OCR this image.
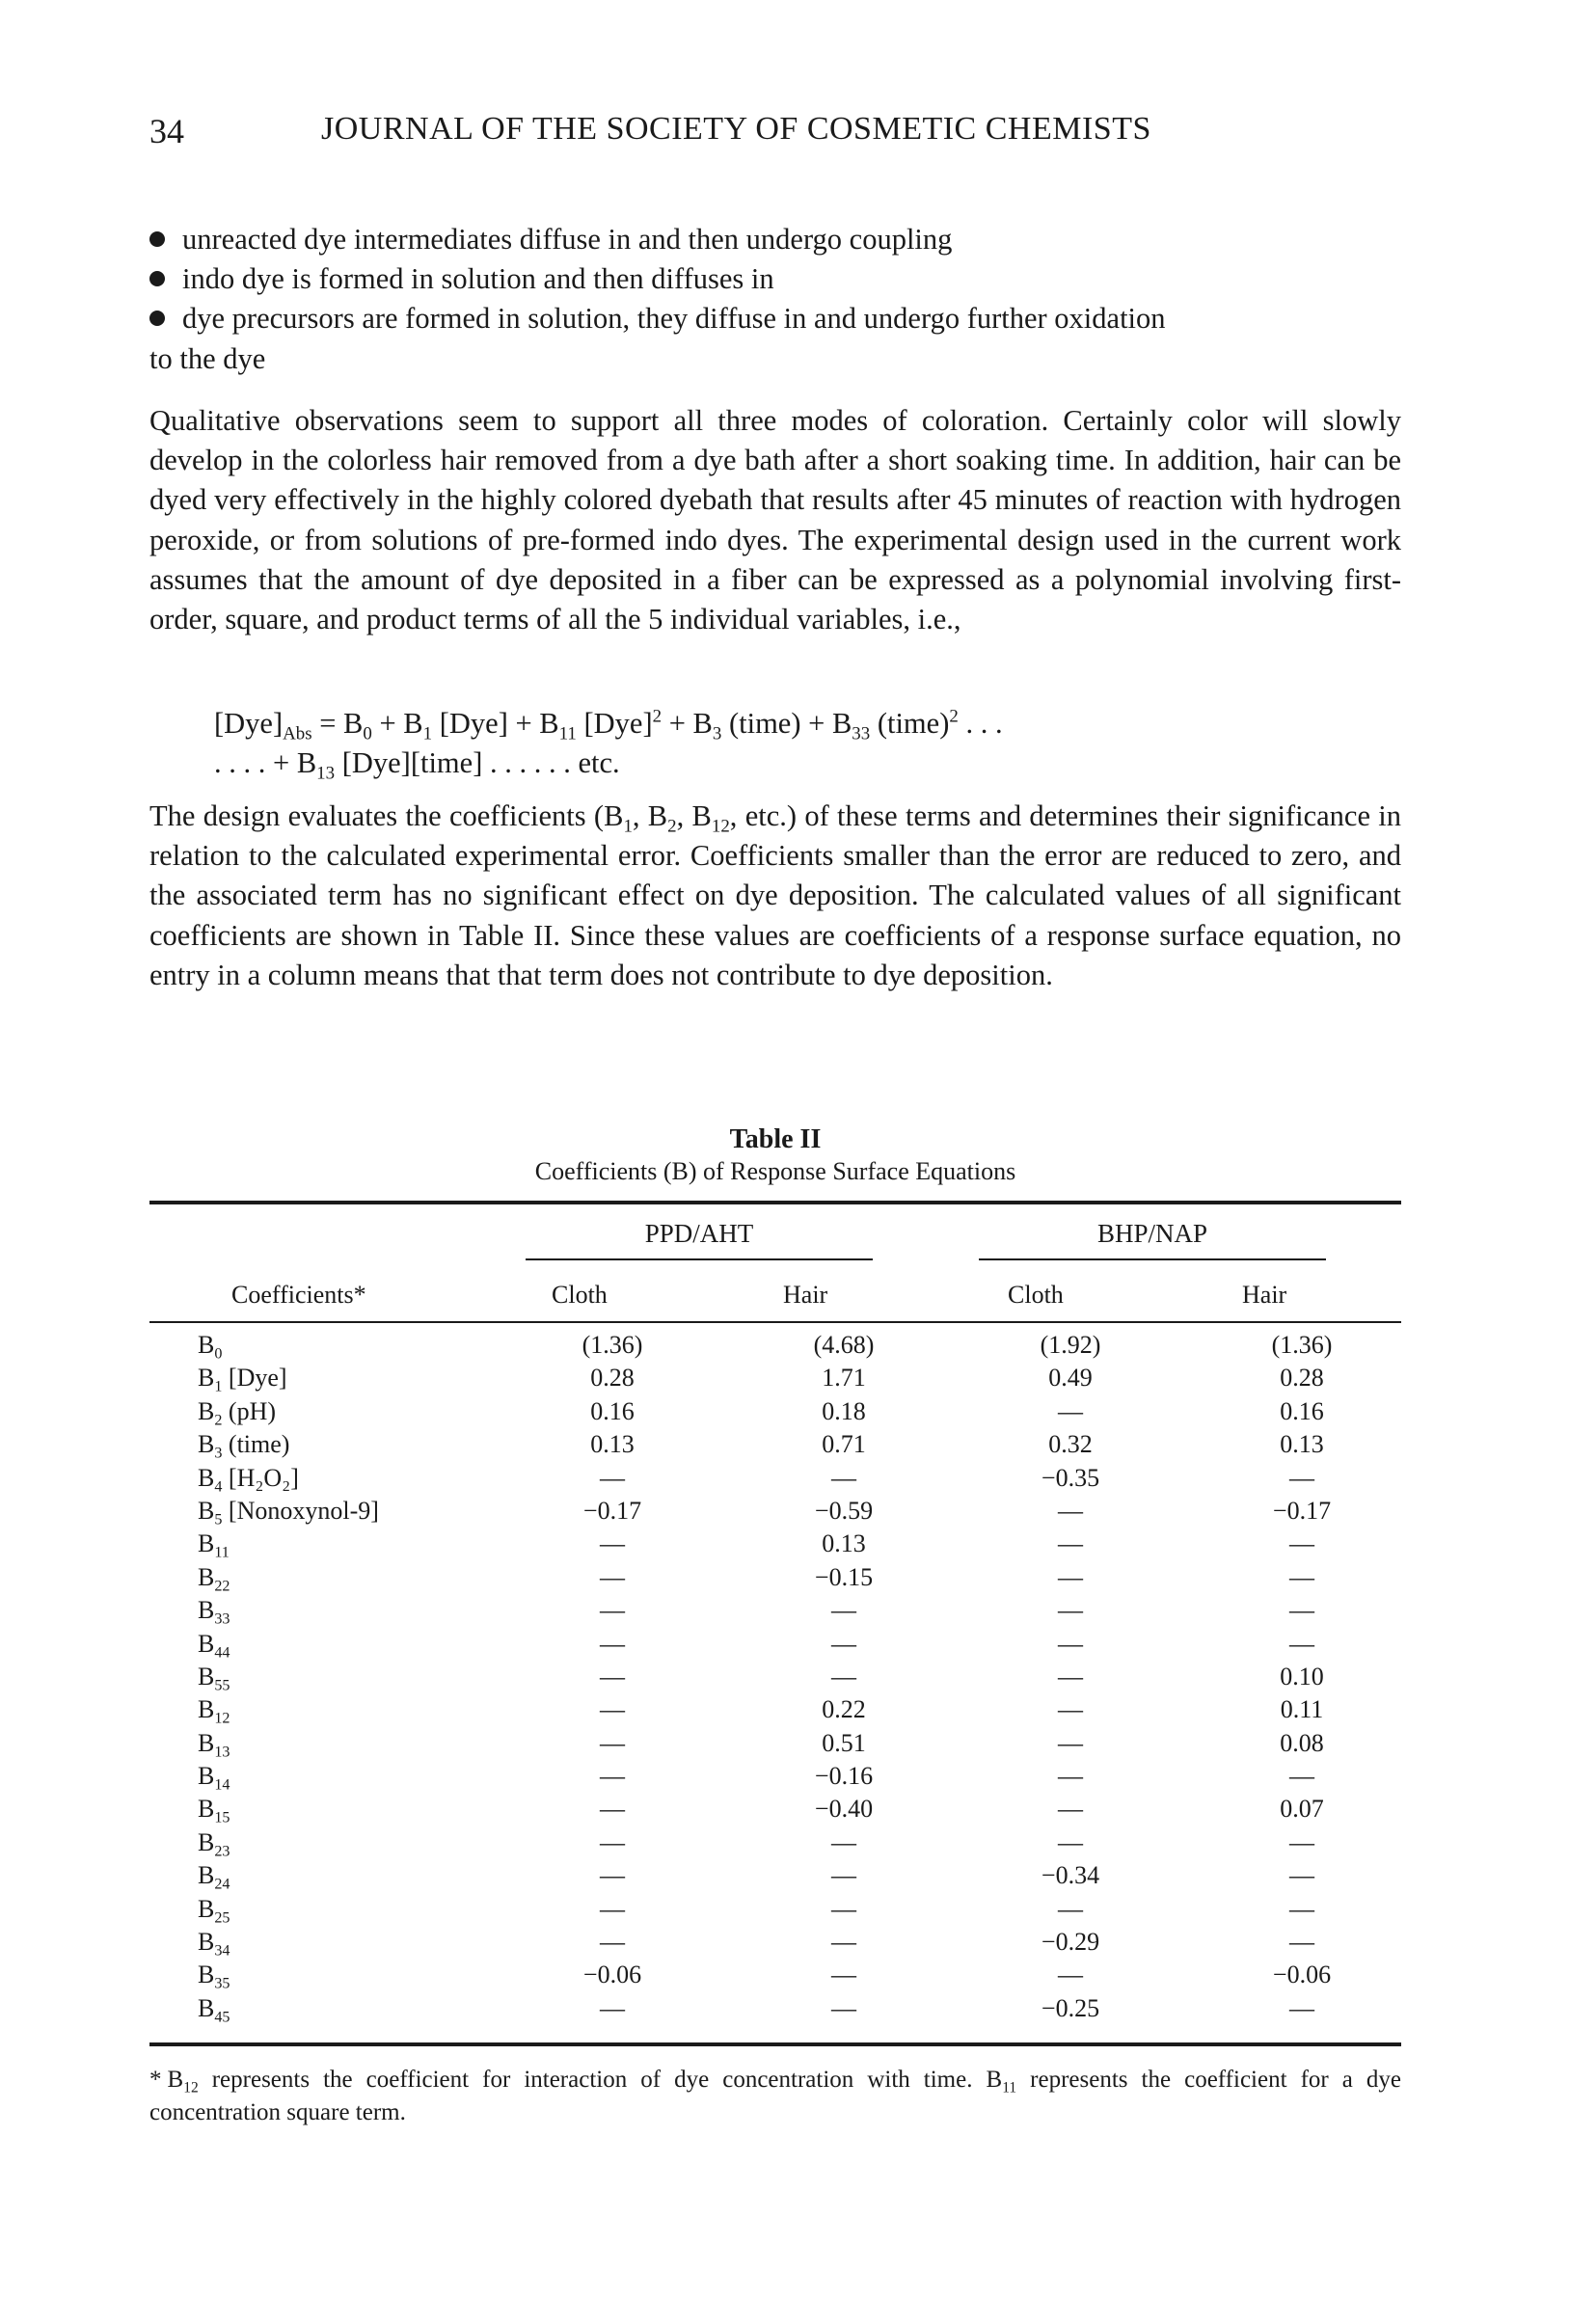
34	JOURNAL OF THE SOCIETY OF COSMETIC CHEMISTS
unreacted dye intermediates diffuse in and then undergo coupling
indo dye is formed in solution and then diffuses in
dye precursors are formed in solution, they diffuse in and undergo further oxidation
to the dye
Qualitative observations seem to support all three modes of coloration. Certainly color will slowly develop in the colorless hair removed from a dye bath after a short soaking time. In addition, hair can be dyed very effectively in the highly colored dyebath that results after 45 minutes of reaction with hydrogen peroxide, or from solutions of pre-formed indo dyes. The experimental design used in the current work assumes that the amount of dye deposited in a fiber can be expressed as a polynomial involving first-order, square, and product terms of all the 5 individual variables, i.e.,
$[Dye]_{Abs} = B_0 + B_1$ $[Dye] + B_{11}$ $[Dye]^2 + B_3$ (time) + $B_{33}$ (time)$^2$ . . .
. . . . + $B_{13}$ [Dye][time] . . . . . . etc.
The design evaluates the coefficients ($B_1$, $B_2$, $B_{12}$, etc.) of these terms and determines their significance in relation to the calculated experimental error. Coefficients smaller than the error are reduced to zero, and the associated term has no significant effect on dye deposition. The calculated values of all significant coefficients are shown in Table II. Since these values are coefficients of a response surface equation, no entry in a column means that that term does not contribute to dye deposition.
Table II
Coefficients (B) of Response Surface Equations
PPD/AHT	BHP/NAP
Coefficients*	Cloth	Hair	Cloth	Hair
$B_0$	(1.36)	(4.68)	(1.92)	(1.36)
$B_1$ [Dye]	0.28	1.71	0.49	0.28
$B_2$ (pH)	0.16	0.18	—	0.16
$B_3$ (time)	0.13	0.71	0.32	0.13
$B_4$ [H₂O₂]	—	—	−0.35	—
$B_5$ [Nonoxynol-9]	−0.17	−0.59	—	−0.17
$B_{11}$	—	0.13	—	—
$B_{22}$	—	−0.15	—	—
$B_{33}$	—	—	—	—
$B_{44}$	—	—	—	—
$B_{55}$	—	—	—	0.10
$B_{12}$	—	0.22	—	0.11
$B_{13}$	—	0.51	—	0.08
$B_{14}$	—	−0.16	—	—
$B_{15}$	—	−0.40	—	0.07
$B_{23}$	—	—	—	—
$B_{24}$	—	—	−0.34	—
$B_{25}$	—	—	—	—
$B_{34}$	—	—	−0.29	—
$B_{35}$	−0.06	—	—	−0.06
$B_{45}$	—	—	−0.25	—
* $B_{12}$ represents the coefficient for interaction of dye concentration with time. $B_{11}$ represents the coefficient for a dye concentration square term.
